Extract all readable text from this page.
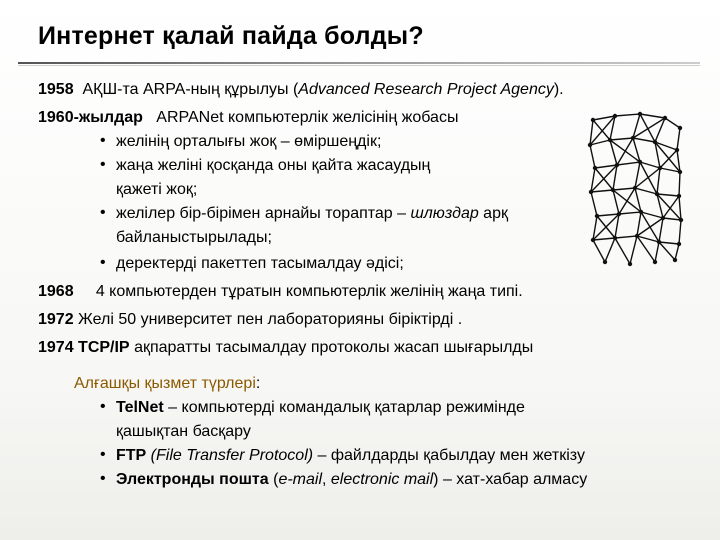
Интернет қалай пайда болды?
1958 АҚШ-та ARPA-ның құрылуы (Advanced Research Project Agency).
1960-жылдар ARPANet компьютерлік желісінің жобасы
• желінің орталығы жоқ – өміршеңдік;
• жаңа желіні қосқанда оны қайта жасаудың
қажеті жоқ;
• желілер бір-бірімен арнайы тораптар – шлюздар арқ
байланыстырылады;
• деректерді пакеттеп тасымалдау әдісі;
1968 4 компьютерден тұратын компьютерлік желінің жаңа типі.
1972 Желі 50 университет пен лабораторияны біріктірді .
1974 TCP/IP ақпаратты тасымалдау протоколы жасап шығарылды
Алғашқы қызмет түрлері:
• TelNet – компьютерді командалық қатарлар режимінде
қашықтан басқару
• FTP (File Transfer Protocol) – файлдарды қабылдау мен жеткізу
• Электронды пошта (e-mail, electronic mail) – хат-хабар алмасу
